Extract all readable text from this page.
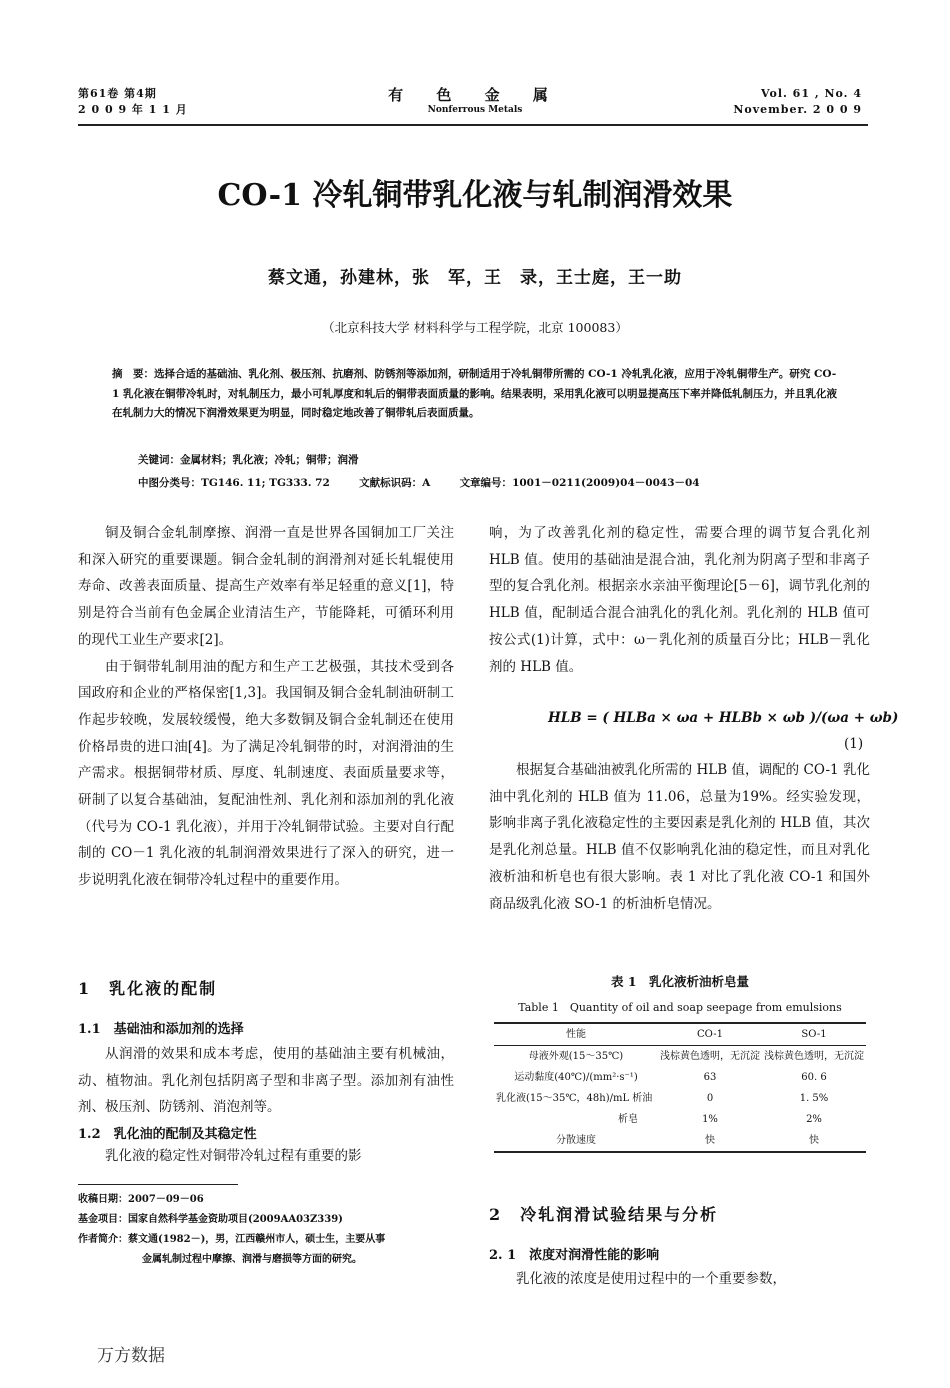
第61卷 第4期
2 0 0 9 年 1 1 月
有 色 金 属
Nonferrous Metals
Vol. 61 , No. 4
November. 2 0 0 9
CO-1 冷轧铜带乳化液与轧制润滑效果
蔡文通，孙建林，张　军，王　录，王士庭，王一助
（北京科技大学 材料科学与工程学院，北京 100083）
摘　要：选择合适的基础油、乳化剂、极压剂、抗磨剂、防锈剂等添加剂，研制适用于冷轧铜带所需的 CO-1 冷轧乳化液，应用于冷轧铜带生产。研究 CO-1 乳化液在铜带冷轧时，对轧制压力，最小可轧厚度和轧后的铜带表面质量的影响。结果表明，采用乳化液可以明显提高压下率并降低轧制压力，并且乳化液在轧制力大的情况下润滑效果更为明显，同时稳定地改善了铜带轧后表面质量。
关键词：金属材料；乳化液；冷轧；铜带；润滑
中图分类号：TG146. 11; TG333. 72	文献标识码：A	文章编号：1001－0211(2009)04－0043－04

铜及铜合金轧制摩擦、润滑一直是世界各国铜加工厂关注和深入研究的重要课题。铜合金轧制的润滑剂对延长轧辊使用寿命、改善表面质量、提高生产效率有举足轻重的意义[1]，特别是符合当前有色金属企业清洁生产，节能降耗，可循环利用的现代工业生产要求[2]。

由于铜带轧制用油的配方和生产工艺极强，其技术受到各国政府和企业的严格保密[1,3]。我国铜及铜合金轧制油研制工作起步较晚，发展较缓慢，绝大多数铜及铜合金轧制还在使用价格昂贵的进口油[4]。为了满足冷轧铜带的时，对润滑油的生产需求。根据铜带材质、厚度、轧制速度、表面质量要求等，研制了以复合基础油，复配油性剂、乳化剂和添加剂的乳化液（代号为 CO-1 乳化液），并用于冷轧铜带试验。主要对自行配制的 CO－1 乳化液的轧制润滑效果进行了深入的研究，进一步说明乳化液在铜带冷轧过程中的重要作用。

1　乳化液的配制
1.1　基础油和添加剂的选择

从润滑的效果和成本考虑，使用的基础油主要有机械油，动、植物油。乳化剂包括阴离子型和非离子型。添加剂有油性剂、极压剂、防锈剂、消泡剂等。

1.2　乳化油的配制及其稳定性

乳化液的稳定性对铜带冷轧过程有重要的影

收稿日期：2007－09－06
基金项目：国家自然科学基金资助项目(2009AA03Z339)
作者简介：蔡文通(1982－)，男，江西赣州市人，硕士生，主要从事
金属轧制过程中摩擦、润滑与磨损等方面的研究。

响，为了改善乳化剂的稳定性，需要合理的调节复合乳化剂 HLB 值。使用的基础油是混合油，乳化剂为阴离子型和非离子型的复合乳化剂。根据亲水亲油平衡理论[5－6]，调节乳化剂的 HLB 值，配制适合混合油乳化的乳化剂。乳化剂的 HLB 值可按公式(1)计算，式中：ω－乳化剂的质量百分比；HLB－乳化剂的 HLB 值。

HLB = ( HLBa × ωa + HLBb × ωb )/(ωa + ωb)
(1)

根据复合基础油被乳化所需的 HLB 值，调配的 CO-1 乳化油中乳化剂的 HLB 值为 11.06，总量为19%。经实验发现，影响非离子乳化液稳定性的主要因素是乳化剂的 HLB 值，其次是乳化剂总量。HLB 值不仅影响乳化油的稳定性，而且对乳化液析油和析皂也有很大影响。表 1 对比了乳化液 CO-1 和国外商品级乳化液 SO-1 的析油析皂情况。

表 1　乳化液析油析皂量
Table 1　Quantity of oil and soap seepage from emulsions
性能	CO-1	SO-1
母液外观(15～35℃)	浅棕黄色透明，无沉淀	浅棕黄色透明，无沉淀
运动黏度(40℃)/(mm²·s⁻¹)	63	60. 6
乳化液(15～35℃，48h)/mL 析油	0	1. 5%
析皂	1%	2%
分散速度	快	快
2　冷轧润滑试验结果与分析
2. 1　浓度对润滑性能的影响

乳化液的浓度是使用过程中的一个重要参数，

万方数据
